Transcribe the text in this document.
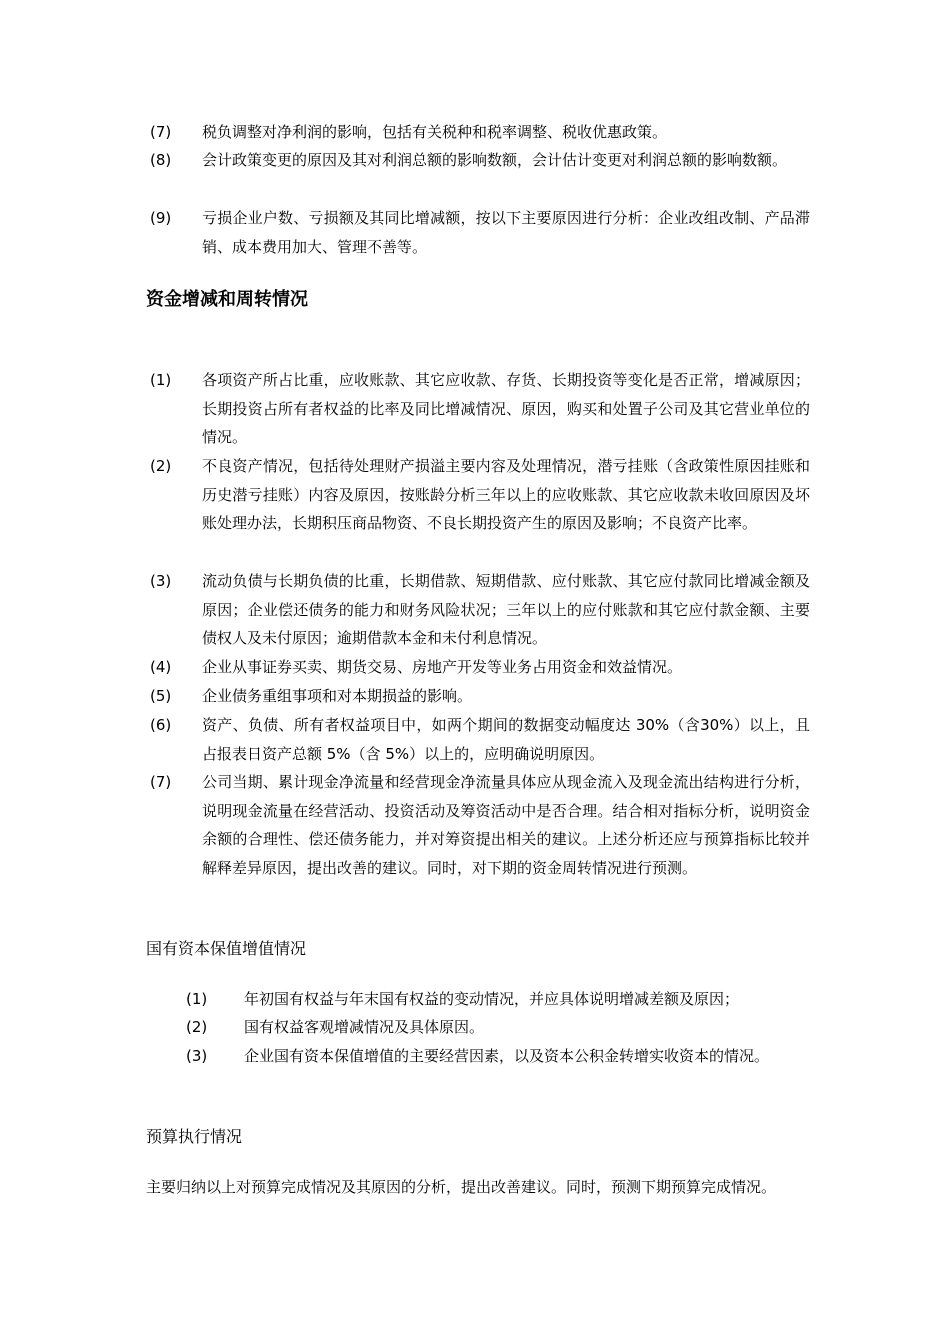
(7)	税负调整对净利润的影响，包括有关税种和税率调整、税收优惠政策。
(8)	会计政策变更的原因及其对利润总额的影响数额，会计估计变更对利润总额的影响数额。
(9)	亏损企业户数、亏损额及其同比增减额，按以下主要原因进行分析：企业改组改制、产品滞销、成本费用加大、管理不善等。
资金增减和周转情况
(1)	各项资产所占比重，应收账款、其它应收款、存货、长期投资等变化是否正常，增减原因；长期投资占所有者权益的比率及同比增减情况、原因，购买和处置子公司及其它营业单位的情况。
(2)	不良资产情况，包括待处理财产损溢主要内容及处理情况，潜亏挂账（含政策性原因挂账和历史潜亏挂账）内容及原因，按账龄分析三年以上的应收账款、其它应收款未收回原因及坏账处理办法，长期积压商品物资、不良长期投资产生的原因及影响；不良资产比率。
(3)	流动负债与长期负债的比重，长期借款、短期借款、应付账款、其它应付款同比增减金额及原因；企业偿还债务的能力和财务风险状况；三年以上的应付账款和其它应付款金额、主要债权人及未付原因；逾期借款本金和未付利息情况。
(4)	企业从事证券买卖、期货交易、房地产开发等业务占用资金和效益情况。
(5)	企业债务重组事项和对本期损益的影响。
(6)	资产、负债、所有者权益项目中，如两个期间的数据变动幅度达 30%（含30%）以上，且占报表日资产总额 5%（含 5%）以上的，应明确说明原因。
(7)	公司当期、累计现金净流量和经营现金净流量具体应从现金流入及现金流出结构进行分析，说明现金流量在经营活动、投资活动及筹资活动中是否合理。结合相对指标分析，说明资金余额的合理性、偿还债务能力，并对筹资提出相关的建议。上述分析还应与预算指标比较并解释差异原因，提出改善的建议。同时，对下期的资金周转情况进行预测。
国有资本保值增值情况
(1)	年初国有权益与年末国有权益的变动情况，并应具体说明增减差额及原因；
(2)	国有权益客观增减情况及具体原因。
(3)	企业国有资本保值增值的主要经营因素，以及资本公积金转增实收资本的情况。
预算执行情况
主要归纳以上对预算完成情况及其原因的分析，提出改善建议。同时，预测下期预算完成情况。
